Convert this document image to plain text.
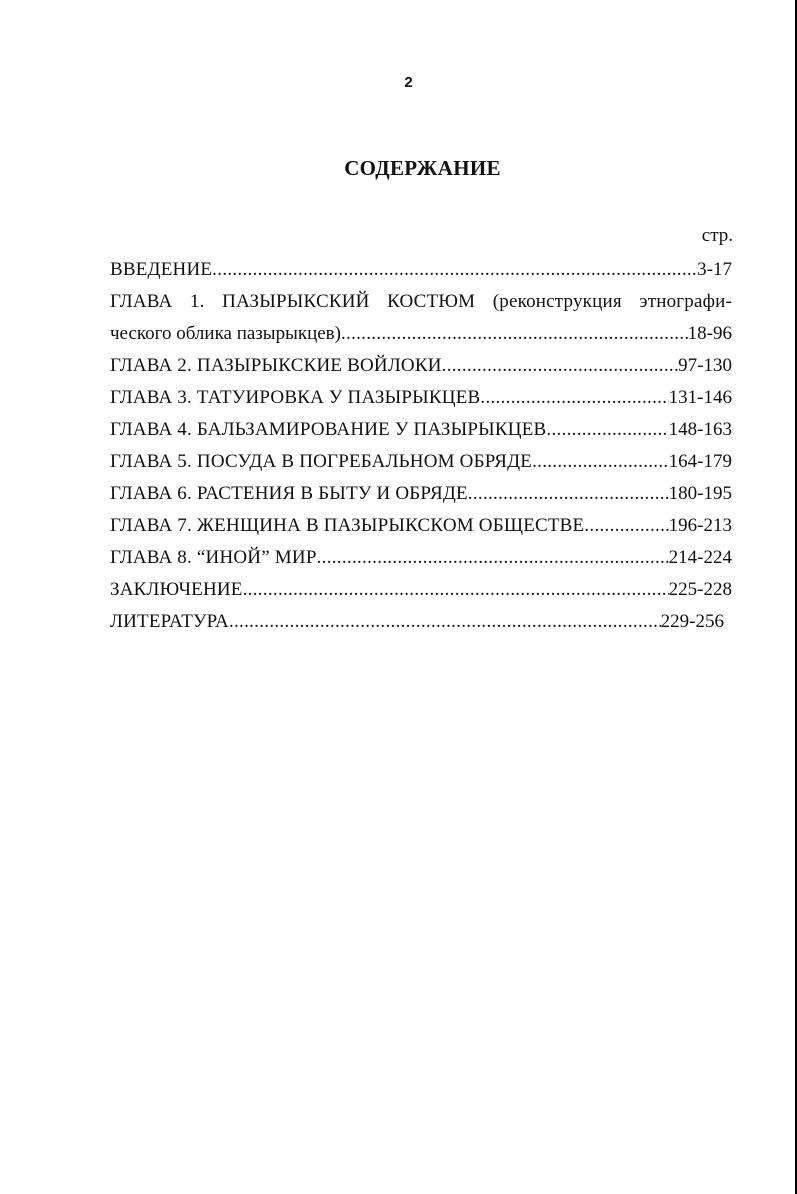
2
СОДЕРЖАНИЕ
стр.
ВВЕДЕНИЕ .....	3-17
ГЛАВА 1. ПАЗЫРЫКСКИЙ КОСТЮМ (реконструкция этнографи-
ческого облика пазырыкцев) .....	18-96
ГЛАВА 2. ПАЗЫРЫКСКИЕ ВОЙЛОКИ .....	97-130
ГЛАВА 3. ТАТУИРОВКА У ПАЗЫРЫКЦЕВ .....	131-146
ГЛАВА 4. БАЛЬЗАМИРОВАНИЕ У ПАЗЫРЫКЦЕВ .....	148-163
ГЛАВА 5. ПОСУДА В ПОГРЕБАЛЬНОМ ОБРЯДЕ .....	164-179
ГЛАВА 6. РАСТЕНИЯ В БЫТУ И ОБРЯДЕ .....	180-195
ГЛАВА 7. ЖЕНЩИНА В ПАЗЫРЫКСКОМ ОБЩЕСТВЕ .....	196-213
ГЛАВА 8. “ИНОЙ” МИР .....	214-224
ЗАКЛЮЧЕНИЕ .....	225-228
ЛИТЕРАТУРА .....	229-256
